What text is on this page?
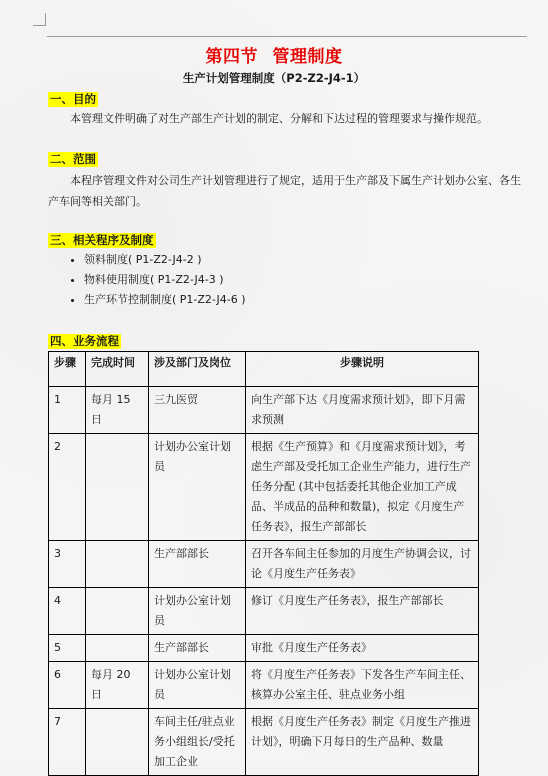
第四节 管理制度
生产计划管理制度（P2-Z2-J4-1）
一、目的
本管理文件明确了对生产部生产计划的制定、分解和下达过程的管理要求与操作规范。
二、范围
本程序管理文件对公司生产计划管理进行了规定，适用于生产部及下属生产计划办公室、各生产车间等相关部门。
三、相关程序及制度
• 领料制度( P1-Z2-J4-2 )
• 物料使用制度( P1-Z2-J4-3 )
• 生产环节控制制度( P1-Z2-J4-6 )
四、业务流程
步骤	完成时间	涉及部门及岗位	步骤说明
1	每月 15 日	三九医贸	向生产部下达《月度需求预计划》，即下月需求预测
2		计划办公室计划员	根据《生产预算》和《月度需求预计划》，考虑生产部及受托加工企业生产能力，进行生产任务分配 (其中包括委托其他企业加工产成品、半成品的品种和数量)，拟定《月度生产任务表》，报生产部部长
3		生产部部长	召开各车间主任参加的月度生产协调会议，讨论《月度生产任务表》
4		计划办公室计划员	修订《月度生产任务表》，报生产部部长
5		生产部部长	审批《月度生产任务表》
6	每月 20 日	计划办公室计划员	将《月度生产任务表》下发各生产车间主任、核算办公室主任、驻点业务小组
7		车间主任/驻点业务小组组长/受托加工企业	根据《月度生产任务表》制定《月度生产推进计划》，明确下月每日的生产品种、数量
